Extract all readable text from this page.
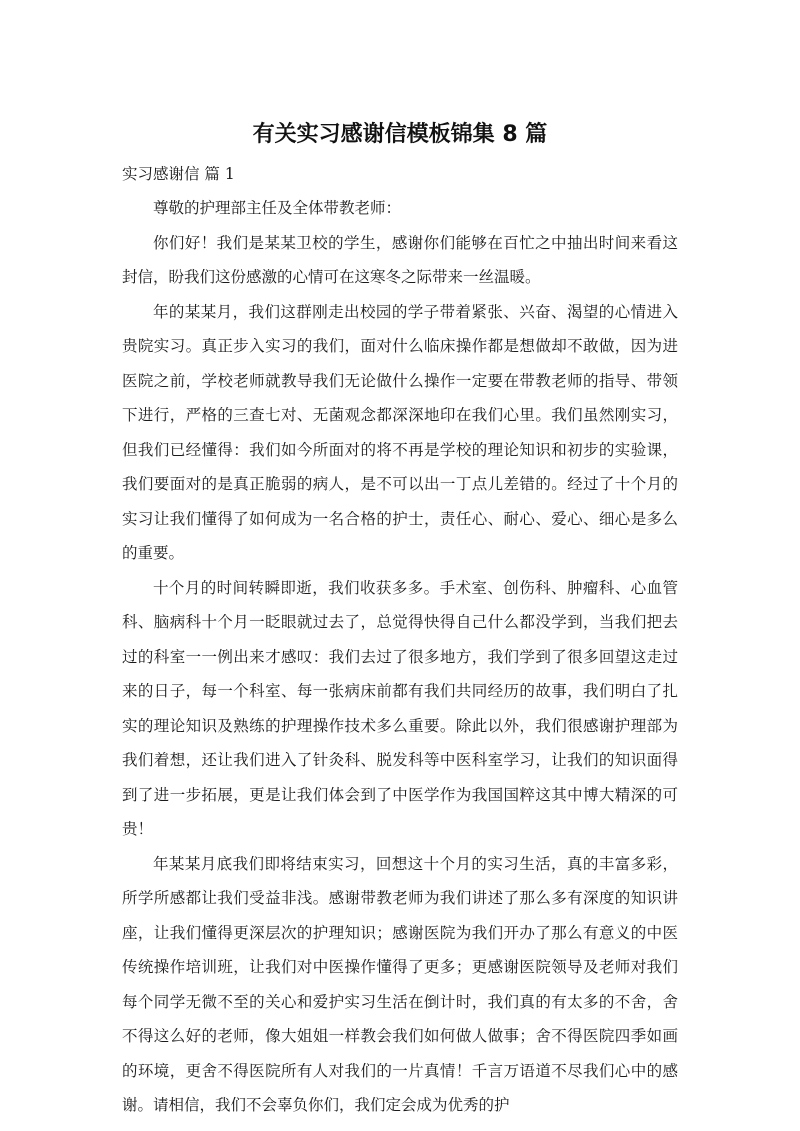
有关实习感谢信模板锦集 8 篇
实习感谢信 篇 1

尊敬的护理部主任及全体带教老师：

你们好！我们是某某卫校的学生，感谢你们能够在百忙之中抽出时间来看这封信，盼我们这份感激的心情可在这寒冬之际带来一丝温暖。

年的某某月，我们这群刚走出校园的学子带着紧张、兴奋、渴望的心情进入贵院实习。真正步入实习的我们，面对什么临床操作都是想做却不敢做，因为进医院之前，学校老师就教导我们无论做什么操作一定要在带教老师的指导、带领下进行，严格的三查七对、无菌观念都深深地印在我们心里。我们虽然刚实习，但我们已经懂得：我们如今所面对的将不再是学校的理论知识和初步的实验课，我们要面对的是真正脆弱的病人，是不可以出一丁点儿差错的。经过了十个月的实习让我们懂得了如何成为一名合格的护士，责任心、耐心、爱心、细心是多么的重要。

十个月的时间转瞬即逝，我们收获多多。手术室、创伤科、肿瘤科、心血管科、脑病科十个月一眨眼就过去了，总觉得快得自己什么都没学到，当我们把去过的科室一一例出来才感叹：我们去过了很多地方，我们学到了很多回望这走过来的日子，每一个科室、每一张病床前都有我们共同经历的故事，我们明白了扎实的理论知识及熟练的护理操作技术多么重要。除此以外，我们很感谢护理部为我们着想，还让我们进入了针灸科、脱发科等中医科室学习，让我们的知识面得到了进一步拓展，更是让我们体会到了中医学作为我国国粹这其中博大精深的可贵！

年某某月底我们即将结束实习，回想这十个月的实习生活，真的丰富多彩，所学所感都让我们受益非浅。感谢带教老师为我们讲述了那么多有深度的知识讲座，让我们懂得更深层次的护理知识；感谢医院为我们开办了那么有意义的中医传统操作培训班，让我们对中医操作懂得了更多；更感谢医院领导及老师对我们每个同学无微不至的关心和爱护实习生活在倒计时，我们真的有太多的不舍，舍不得这么好的老师，像大姐姐一样教会我们如何做人做事；舍不得医院四季如画的环境，更舍不得医院所有人对我们的一片真情！千言万语道不尽我们心中的感谢。请相信，我们不会辜负你们，我们定会成为优秀的护
